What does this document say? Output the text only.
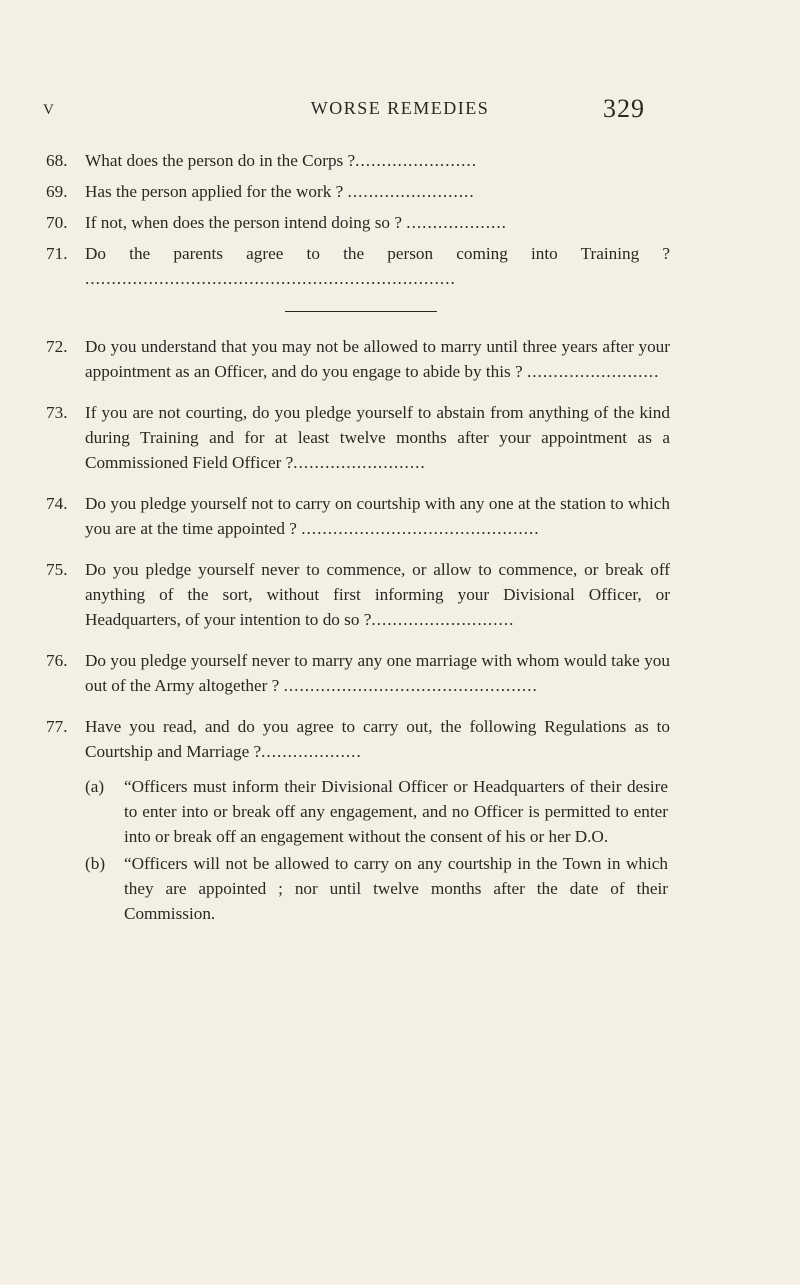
V	WORSE REMEDIES	329
68. What does the person do in the Corps ?.......................
69. Has the person applied for the work ? ........................
70. If not, when does the person intend doing so ? ...................
71. Do the parents agree to the person coming into Training ? ......................................................................
72. Do you understand that you may not be allowed to marry until three years after your appointment as an Officer, and do you engage to abide by this ? .........................
73. If you are not courting, do you pledge yourself to abstain from anything of the kind during Training and for at least twelve months after your appointment as a Commissioned Field Officer ?.........................
74. Do you pledge yourself not to carry on courtship with any one at the station to which you are at the time appointed ? .............................................
75. Do you pledge yourself never to commence, or allow to commence, or break off anything of the sort, without first informing your Divisional Officer, or Headquarters, of your intention to do so ?...........................
76. Do you pledge yourself never to marry any one marriage with whom would take you out of the Army altogether ? ................................................
77. Have you read, and do you agree to carry out, the following Regulations as to Courtship and Marriage ?...................
(a) “Officers must inform their Divisional Officer or Headquarters of their desire to enter into or break off any engagement, and no Officer is permitted to enter into or break off an engagement without the consent of his or her D.O.
(b) “Officers will not be allowed to carry on any courtship in the Town in which they are appointed ; nor until twelve months after the date of their Commission.
